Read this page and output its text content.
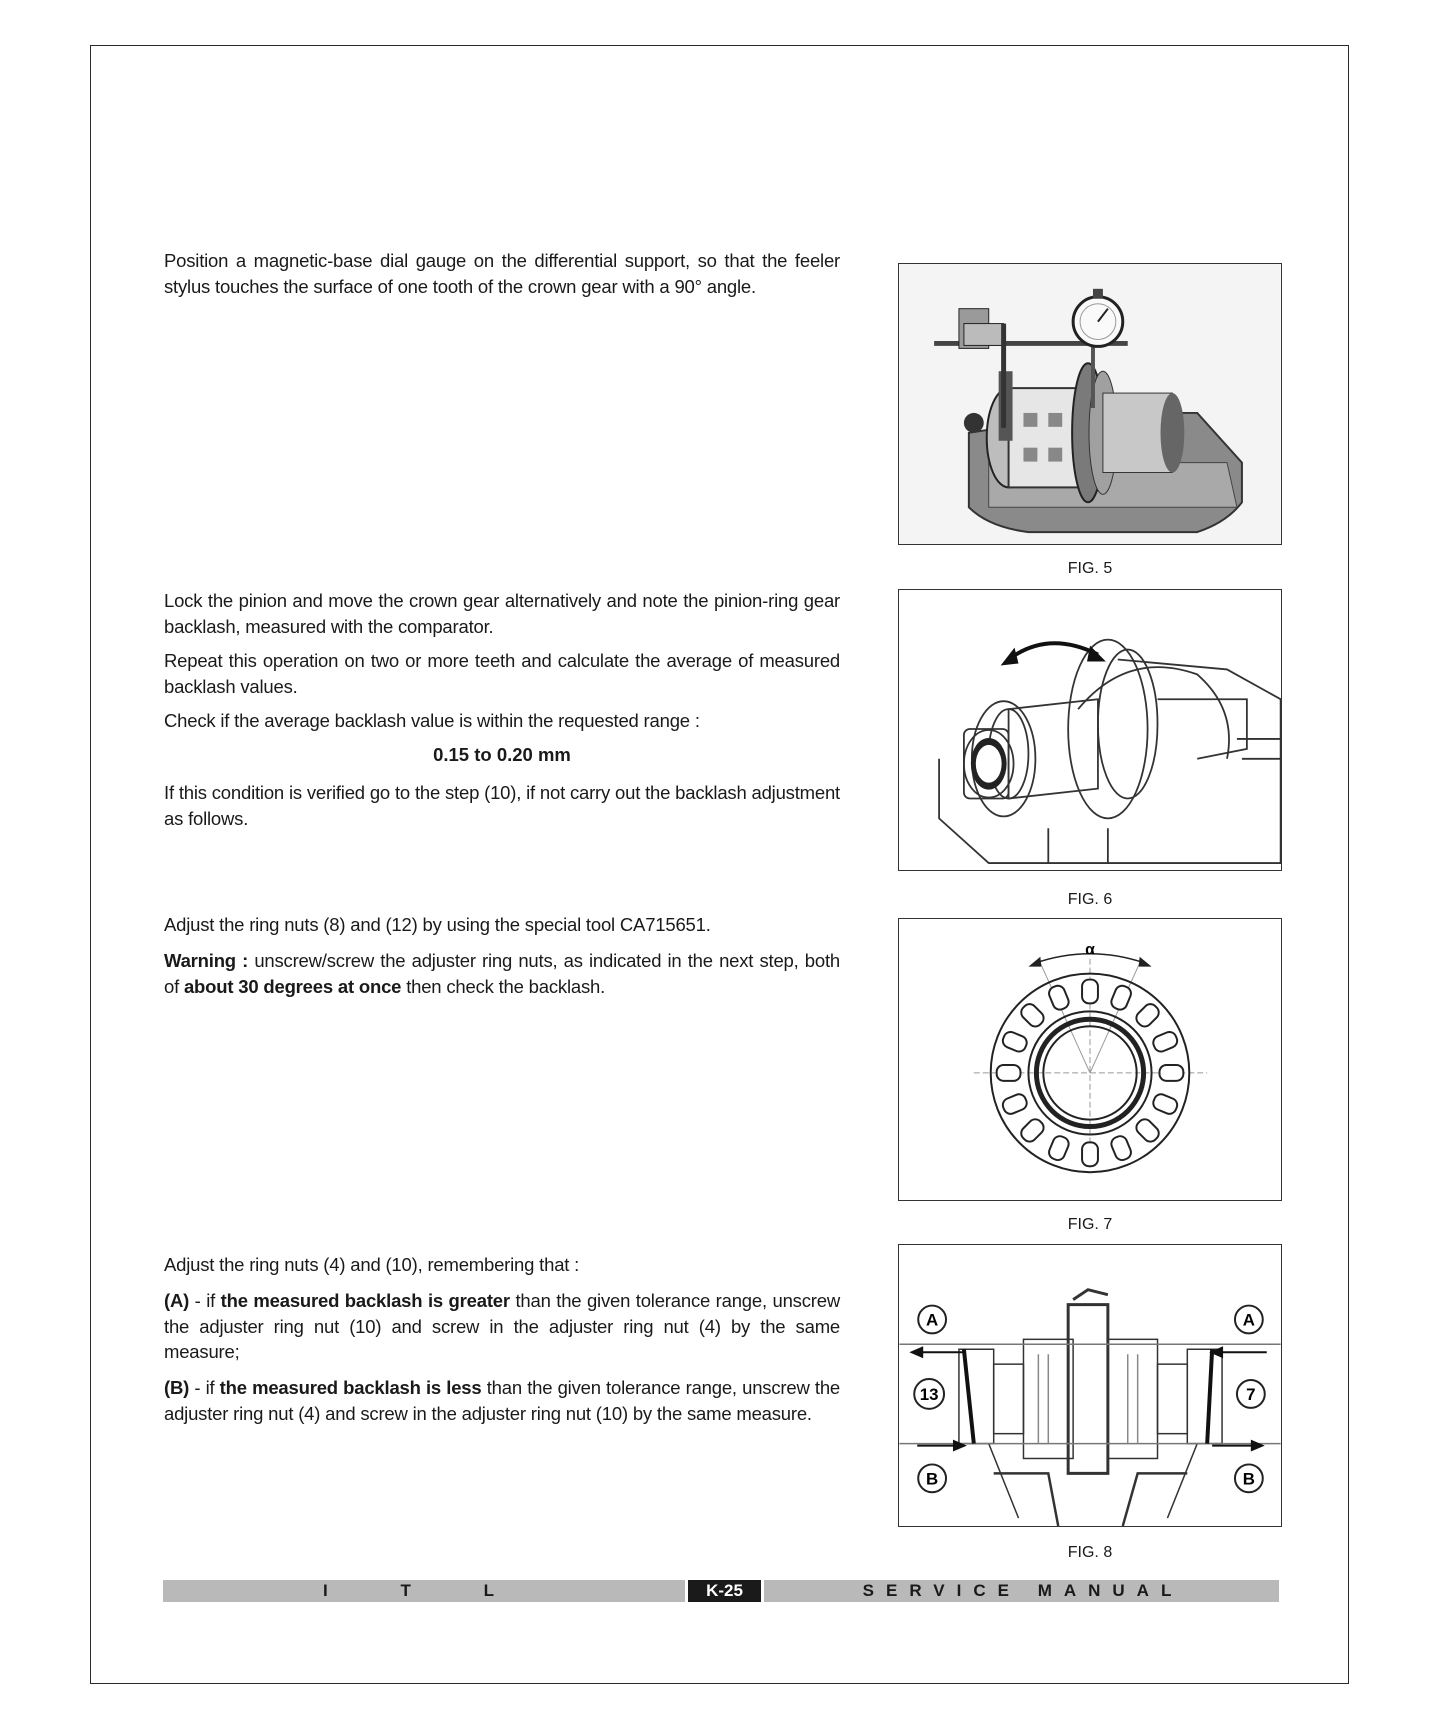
Position a magnetic-base dial gauge on the differential support, so that the feeler stylus touches the surface of one tooth of the crown gear with a 90° angle.

FIG. 5

Lock the pinion and move the crown gear alternatively and note the pinion-ring gear backlash, measured with the comparator.

Repeat this operation on two or more teeth and calculate the average of measured backlash values.

Check if the average backlash value is within the requested range :

0.15 to 0.20 mm

If this condition is verified go to the step (10), if not carry out the backlash adjustment as follows.

FIG. 6

Adjust the ring nuts (8) and (12) by using the special tool CA715651.

Warning : unscrew/screw the adjuster ring nuts, as indicated in the next step, both of about 30 degrees at once then check the backlash.

α
FIG. 7

Adjust the ring nuts (4) and (10), remembering that :

(A) - if the measured backlash is greater than the given tolerance range, unscrew the adjuster ring nut (10) and screw in the adjuster ring nut (4) by the same measure;

(B) - if the measured backlash is less than the given tolerance range, unscrew the adjuster ring nut (4) and screw in the adjuster ring nut (10) by the same measure.

A	A
13	7
B	B
FIG. 8
I T L	K-25	SERVICE MANUAL
